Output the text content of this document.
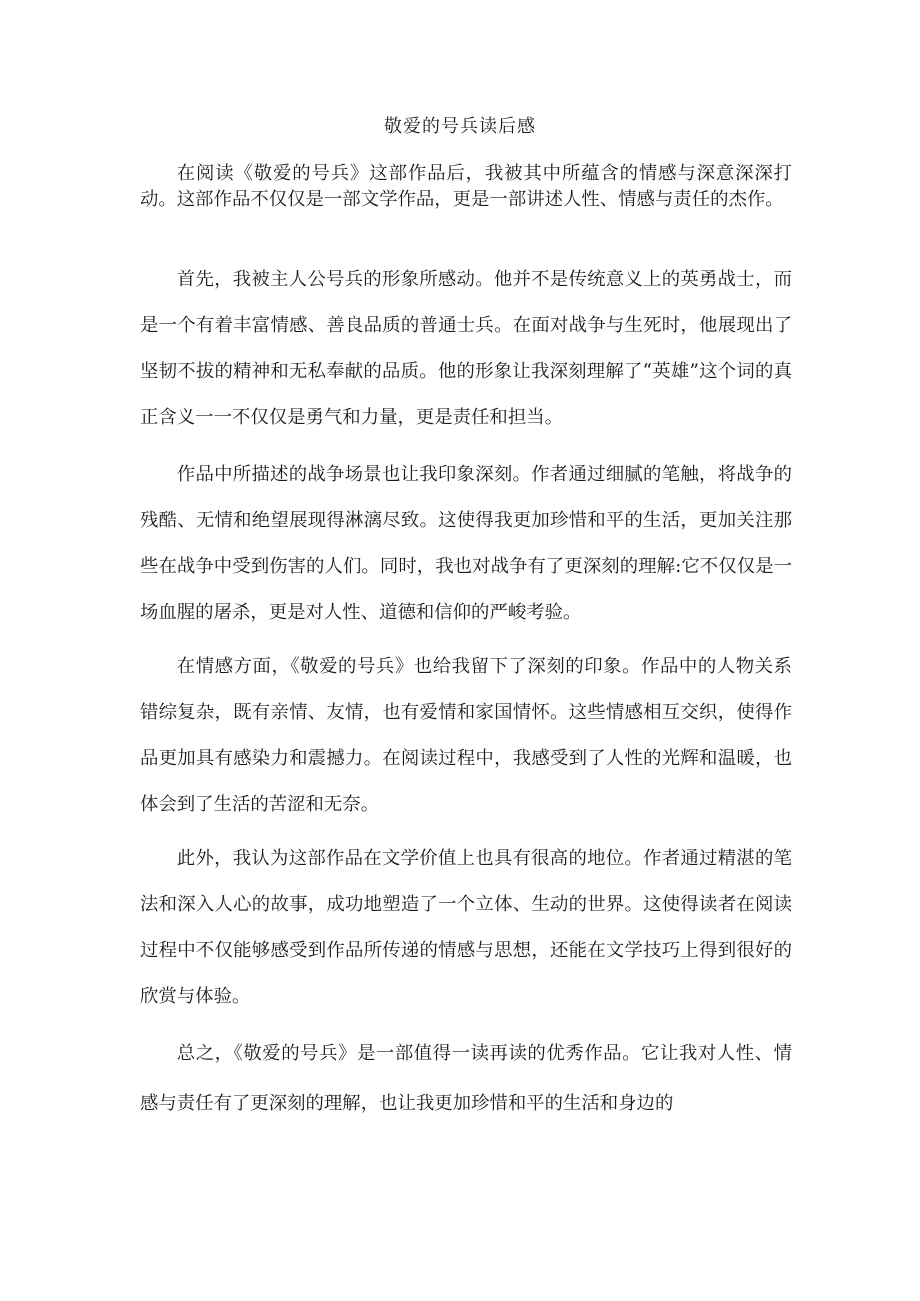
敬爱的号兵读后感

在阅读《敬爱的号兵》这部作品后，我被其中所蕴含的情感与深意深深打动。这部作品不仅仅是一部文学作品，更是一部讲述人性、情感与责任的杰作。

首先，我被主人公号兵的形象所感动。他并不是传统意义上的英勇战士，而是一个有着丰富情感、善良品质的普通士兵。在面对战争与生死时，他展现出了坚韧不拔的精神和无私奉献的品质。他的形象让我深刻理解了“英雄”这个词的真正含义一一不仅仅是勇气和力量，更是责任和担当。

作品中所描述的战争场景也让我印象深刻。作者通过细腻的笔触，将战争的残酷、无情和绝望展现得淋漓尽致。这使得我更加珍惜和平的生活，更加关注那些在战争中受到伤害的人们。同时，我也对战争有了更深刻的理解:它不仅仅是一场血腥的屠杀，更是对人性、道德和信仰的严峻考验。

在情感方面，《敬爱的号兵》也给我留下了深刻的印象。作品中的人物关系错综复杂，既有亲情、友情，也有爱情和家国情怀。这些情感相互交织，使得作品更加具有感染力和震撼力。在阅读过程中，我感受到了人性的光辉和温暖，也体会到了生活的苦涩和无奈。

此外，我认为这部作品在文学价值上也具有很高的地位。作者通过精湛的笔法和深入人心的故事，成功地塑造了一个立体、生动的世界。这使得读者在阅读过程中不仅能够感受到作品所传递的情感与思想，还能在文学技巧上得到很好的欣赏与体验。

总之，《敬爱的号兵》是一部值得一读再读的优秀作品。它让我对人性、情感与责任有了更深刻的理解，也让我更加珍惜和平的生活和身边的
